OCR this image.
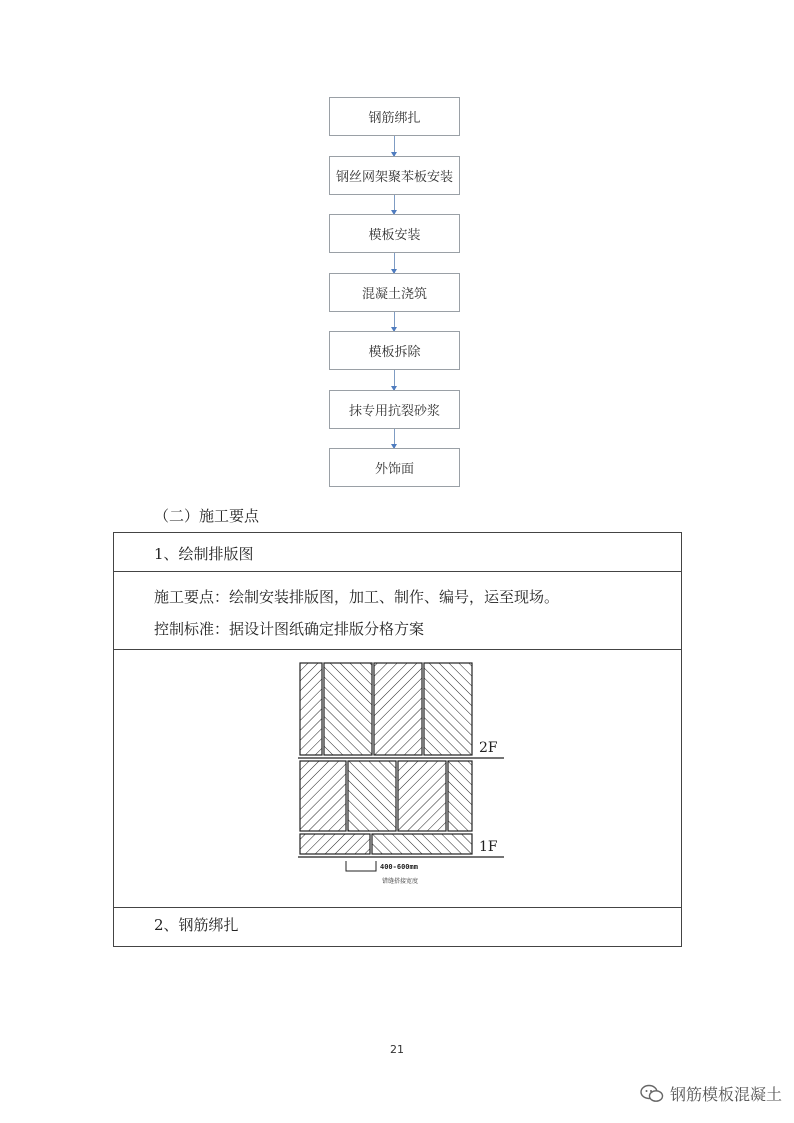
钢筋绑扎
钢丝网架聚苯板安装
模板安装
混凝土浇筑
模板拆除
抹专用抗裂砂浆
外饰面
（二）施工要点
1、绘制排版图
施工要点：绘制安装排版图，加工、制作、编号，运至现场。
控制标准：据设计图纸确定排版分格方案
2F
1F
400-600mm
错缝搭接宽度
2、钢筋绑扎
21
钢筋模板混凝土
